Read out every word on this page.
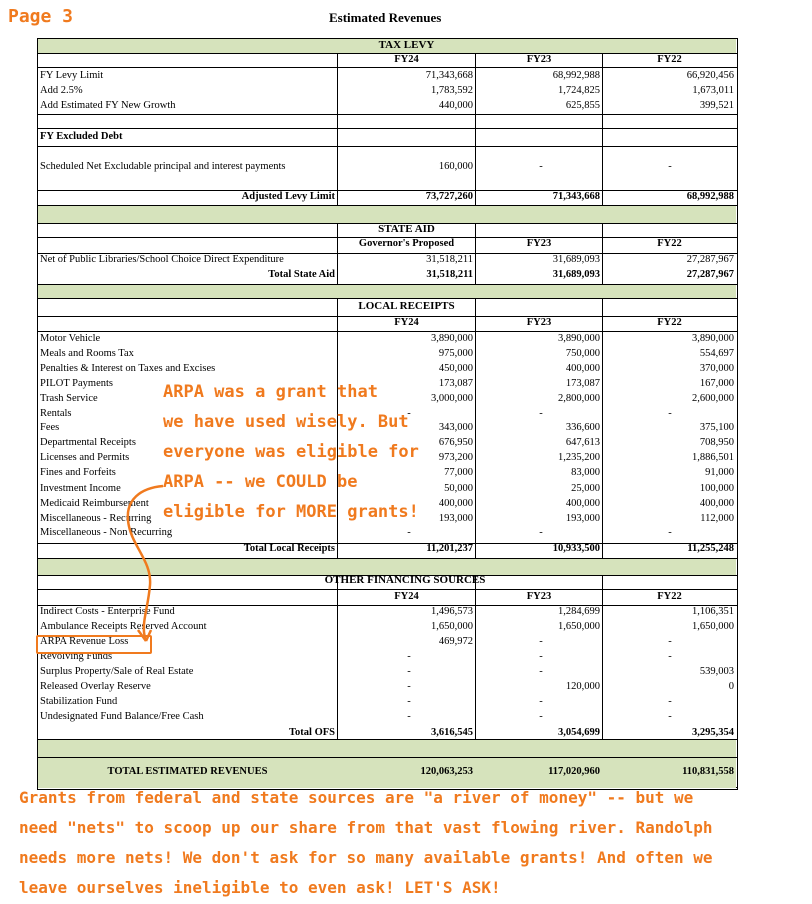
Page 3	Estimated Revenues
TAX LEVY
FY24	FY23	FY22
FY Levy Limit	71,343,668	68,992,988	66,920,456
Add 2.5%	1,783,592	1,724,825	1,673,011
Add Estimated FY New Growth	440,000	625,855	399,521
FY Excluded Debt
Scheduled Net Excludable principal and interest payments	160,000	-	-
Adjusted Levy Limit	73,727,260	71,343,668	68,992,988
STATE AID
Governor's Proposed	FY23	FY22
Net of Public Libraries/School Choice Direct Expenditure	31,518,211	31,689,093	27,287,967
Total State Aid	31,518,211	31,689,093	27,287,967
LOCAL RECEIPTS
FY24	FY23	FY22
Motor Vehicle	3,890,000	3,890,000	3,890,000
Meals and Rooms Tax	975,000	750,000	554,697
Penalties & Interest on Taxes and Excises	450,000	400,000	370,000
PILOT Payments	173,087	173,087	167,000
Trash Service	3,000,000	2,800,000	2,600,000
Rentals	-	-	-
Fees	343,000	336,600	375,100
Departmental Receipts	676,950	647,613	708,950
Licenses and Permits	973,200	1,235,200	1,886,501
Fines and Forfeits	77,000	83,000	91,000
Investment Income	50,000	25,000	100,000
Medicaid Reimbursement	400,000	400,000	400,000
Miscellaneous - Recurring	193,000	193,000	112,000
Miscellaneous - Non Recurring	-	-	-
Total Local Receipts	11,201,237	10,933,500	11,255,248
OTHER FINANCING SOURCES
FY24	FY23	FY22
Indirect Costs - Enterprise Fund	1,496,573	1,284,699	1,106,351
Ambulance Receipts Reserved Account	1,650,000	1,650,000	1,650,000
ARPA Revenue Loss	469,972	-	-
Revolving Funds	-	-	-
Surplus Property/Sale of Real Estate	-	-	539,003
Released Overlay Reserve	-	120,000	0
Stabilization Fund	-	-	-
Undesignated Fund Balance/Free Cash	-	-	-
Total OFS	3,616,545	3,054,699	3,295,354
TOTAL ESTIMATED REVENUES	120,063,253	117,020,960	110,831,558
ARPA was a grant that
we have used wisely. But
everyone was eligible for
ARPA -- we COULD be
eligible for MORE grants!
Grants from federal and state sources are "a river of money" -- but we
need "nets" to scoop up our share from that vast flowing river. Randolph
needs more nets! We don't ask for so many available grants! And often we
leave ourselves ineligible to even ask! LET'S ASK!
